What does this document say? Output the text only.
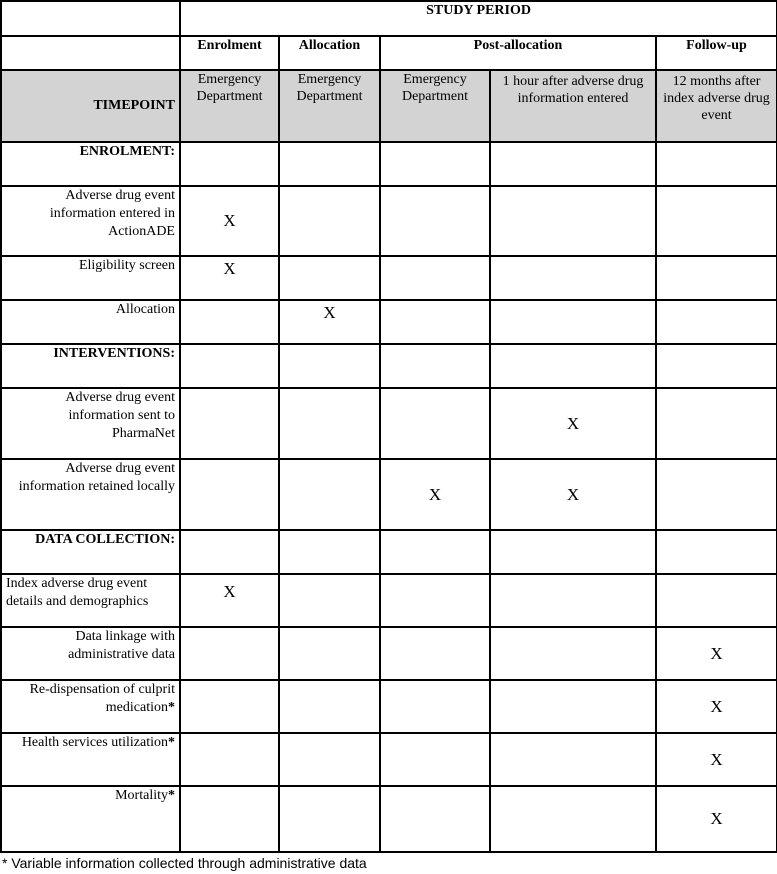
	STUDY PERIOD				
	Enrolment	Allocation	Post-allocation		Follow-up
TIMEPOINT	Emergency Department	Emergency Department	Emergency Department	1 hour after adverse drug information entered	12 months after index adverse drug event
ENROLMENT:					
Adverse drug event information entered in ActionADE	X				
Eligibility screen	X				
Allocation		X			
INTERVENTIONS:					
Adverse drug event information sent to PharmaNet				X	
Adverse drug event information retained locally			X	X	
DATA COLLECTION:					
Index adverse drug event details and demographics	X				
Data linkage with administrative data					X
Re-dispensation of culprit medication*					X
Health services utilization*					X
Mortality*					X
* Variable information collected through administrative data
